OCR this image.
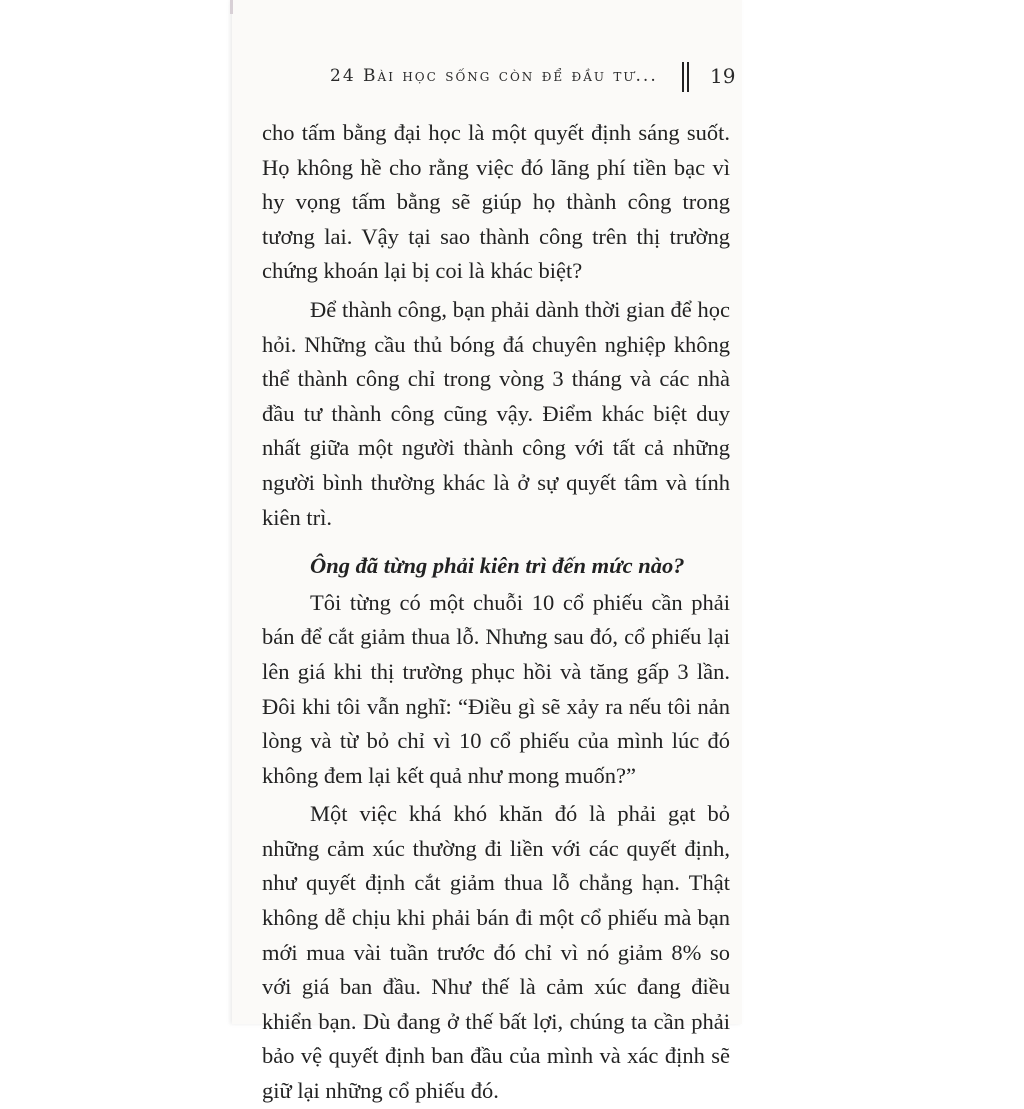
24 Bài học sống còn để đầu tư...	19

cho tấm bằng đại học là một quyết định sáng suốt. Họ không hề cho rằng việc đó lãng phí tiền bạc vì hy vọng tấm bằng sẽ giúp họ thành công trong tương lai. Vậy tại sao thành công trên thị trường chứng khoán lại bị coi là khác biệt?

Để thành công, bạn phải dành thời gian để học hỏi. Những cầu thủ bóng đá chuyên nghiệp không thể thành công chỉ trong vòng 3 tháng và các nhà đầu tư thành công cũng vậy. Điểm khác biệt duy nhất giữa một người thành công với tất cả những người bình thường khác là ở sự quyết tâm và tính kiên trì.

Ông đã từng phải kiên trì đến mức nào?

Tôi từng có một chuỗi 10 cổ phiếu cần phải bán để cắt giảm thua lỗ. Nhưng sau đó, cổ phiếu lại lên giá khi thị trường phục hồi và tăng gấp 3 lần. Đôi khi tôi vẫn nghĩ: “Điều gì sẽ xảy ra nếu tôi nản lòng và từ bỏ chỉ vì 10 cổ phiếu của mình lúc đó không đem lại kết quả như mong muốn?”

Một việc khá khó khăn đó là phải gạt bỏ những cảm xúc thường đi liền với các quyết định, như quyết định cắt giảm thua lỗ chẳng hạn. Thật không dễ chịu khi phải bán đi một cổ phiếu mà bạn mới mua vài tuần trước đó chỉ vì nó giảm 8% so với giá ban đầu. Như thế là cảm xúc đang điều khiển bạn. Dù đang ở thế bất lợi, chúng ta cần phải bảo vệ quyết định ban đầu của mình và xác định sẽ giữ lại những cổ phiếu đó.
